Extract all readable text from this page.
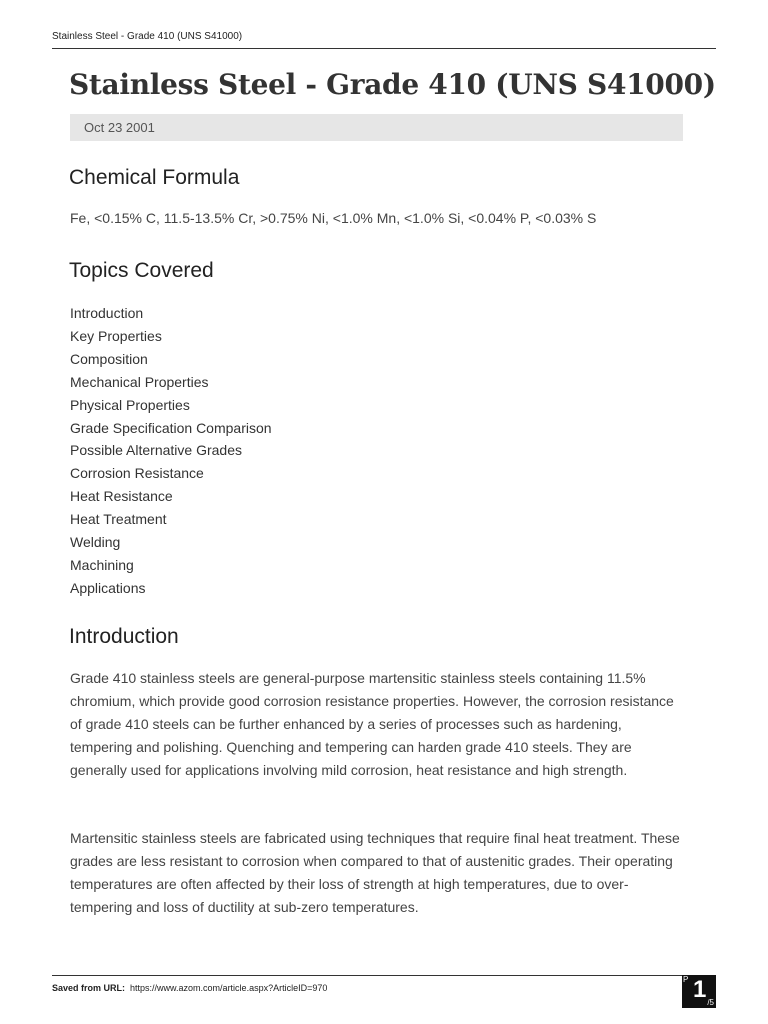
Stainless Steel - Grade 410 (UNS S41000)
Stainless Steel - Grade 410 (UNS S41000)
Oct 23 2001
Chemical Formula
Fe, <0.15% C, 11.5-13.5% Cr, >0.75% Ni, <1.0% Mn, <1.0% Si, <0.04% P, <0.03% S
Topics Covered
Introduction
Key Properties
Composition
Mechanical Properties
Physical Properties
Grade Specification Comparison
Possible Alternative Grades
Corrosion Resistance
Heat Resistance
Heat Treatment
Welding
Machining
Applications
Introduction

Grade 410 stainless steels are general-purpose martensitic stainless steels containing 11.5% chromium, which provide good corrosion resistance properties. However, the corrosion resistance of grade 410 steels can be further enhanced by a series of processes such as hardening, tempering and polishing. Quenching and tempering can harden grade 410 steels. They are generally used for applications involving mild corrosion, heat resistance and high strength.

Martensitic stainless steels are fabricated using techniques that require final heat treatment. These grades are less resistant to corrosion when compared to that of austenitic grades. Their operating temperatures are often affected by their loss of strength at high temperatures, due to over-tempering and loss of ductility at sub-zero temperatures.

Saved from URL: https://www.azom.com/article.aspx?ArticleID=970
P 1 /5
